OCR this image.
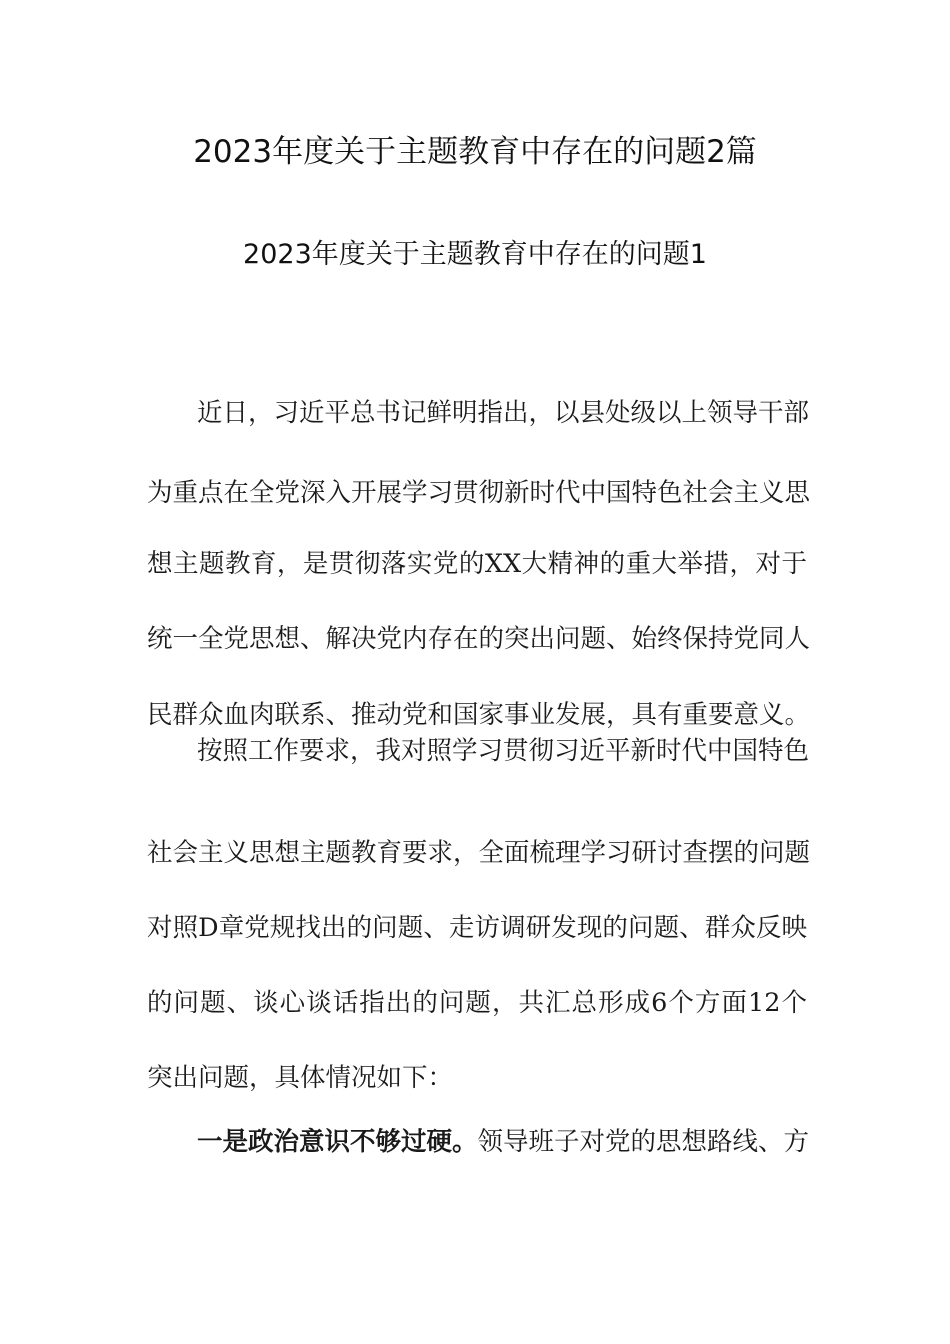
2023年度关于主题教育中存在的问题2篇
2023年度关于主题教育中存在的问题1
近日，习近平总书记鲜明指出，以县处级以上领导干部
为重点在全党深入开展学习贯彻新时代中国特色社会主义思
想主题教育，是贯彻落实党的XX大精神的重大举措，对于
统一全党思想、解决党内存在的突出问题、始终保持党同人
民群众血肉联系、推动党和国家事业发展，具有重要意义。
按照工作要求，我对照学习贯彻习近平新时代中国特色
社会主义思想主题教育要求，全面梳理学习研讨查摆的问题
对照D章党规找出的问题、走访调研发现的问题、群众反映
的问题、谈心谈话指出的问题，共汇总形成6个方面12个
突出问题，具体情况如下：
一是政治意识不够过硬。领导班子对党的思想路线、方
